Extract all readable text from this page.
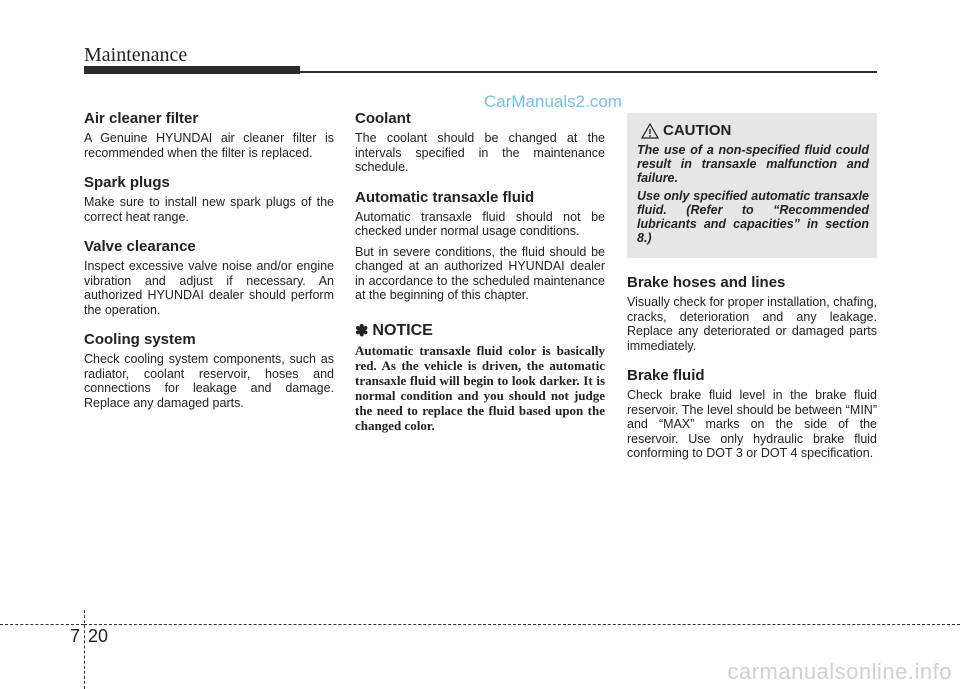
Maintenance
CarManuals2.com
Air cleaner filter

A Genuine HYUNDAI air cleaner filter is recommended when the filter is replaced.

Spark plugs

Make sure to install new spark plugs of the correct heat range.

Valve clearance

Inspect excessive valve noise and/or engine vibration and adjust if necessary. An authorized HYUNDAI dealer should perform the operation.

Cooling system

Check cooling system components, such as radiator, coolant reservoir, hoses and connections for leakage and damage. Replace any damaged parts.

Coolant

The coolant should be changed at the intervals specified in the maintenance schedule.

Automatic transaxle fluid

Automatic transaxle fluid should not be checked under normal usage conditions.

But in severe conditions, the fluid should be changed at an authorized HYUNDAI dealer in accordance to the scheduled maintenance at the beginning of this chapter.

✽ NOTICE

Automatic transaxle fluid color is basically red. As the vehicle is driven, the automatic transaxle fluid will begin to look darker. It is normal condition and you should not judge the need to replace the fluid based upon the changed color.

CAUTION

The use of a non-specified fluid could result in transaxle malfunction and failure.

Use only specified automatic transaxle fluid. (Refer to “Recommended lubricants and capacities” in section 8.)

Brake hoses and lines

Visually check for proper installation, chafing, cracks, deterioration and any leakage. Replace any deteriorated or damaged parts immediately.

Brake fluid

Check brake fluid level in the brake fluid reservoir. The level should be between “MIN” and “MAX” marks on the side of the reservoir. Use only hydraulic brake fluid conforming to DOT 3 or DOT 4 specification.

7 20
carmanualsonline.info
